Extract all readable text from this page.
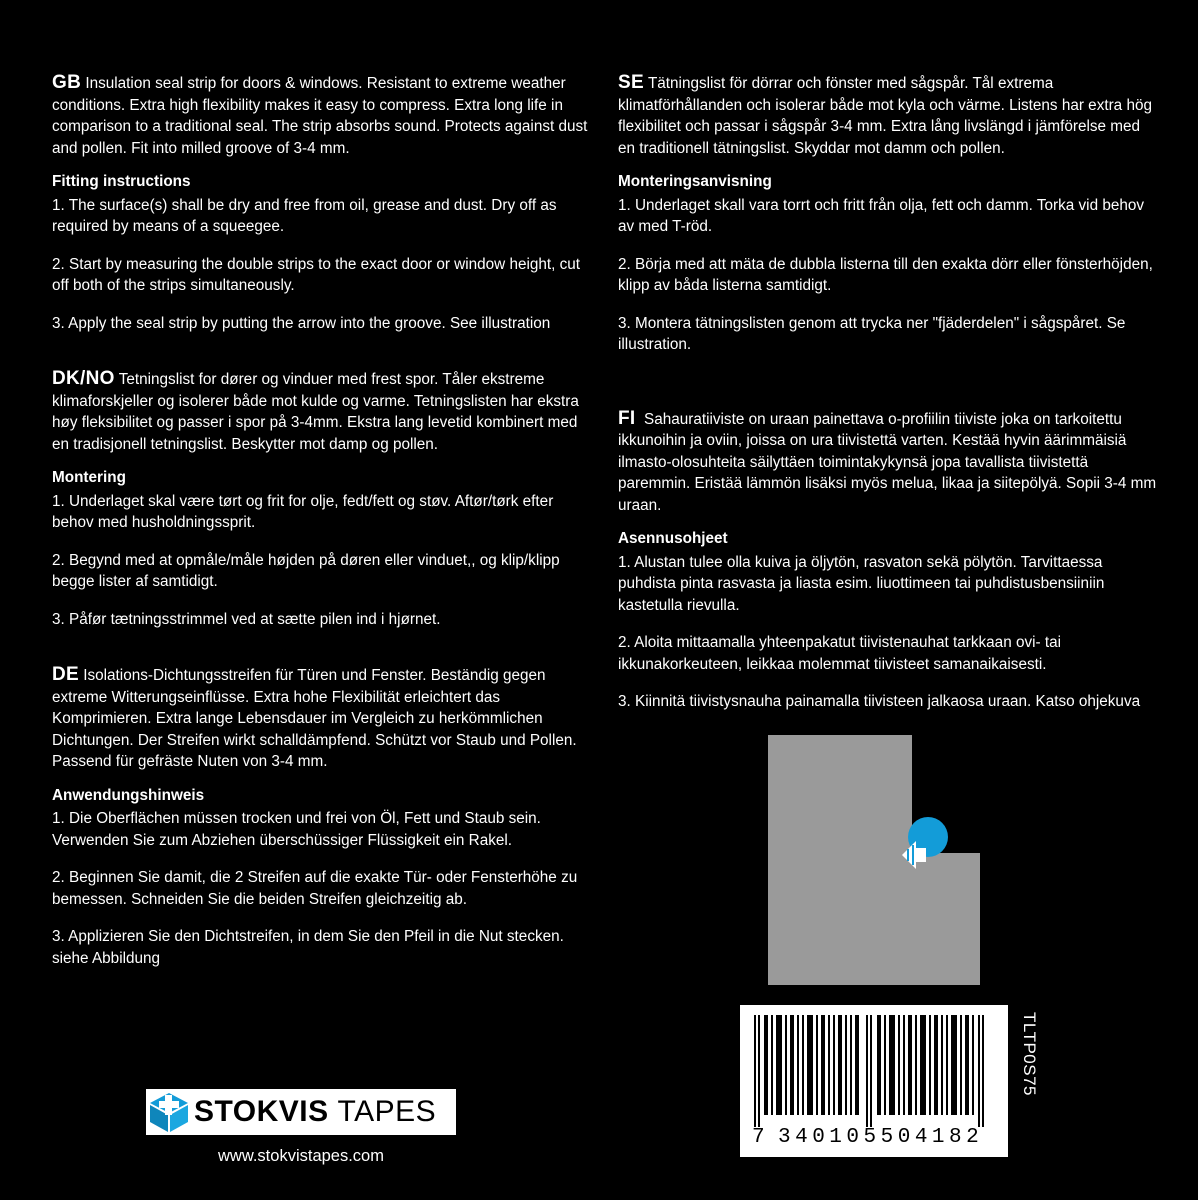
GB Insulation seal strip for doors & windows. Resistant to extreme weather conditions. Extra high flexibility makes it easy to compress. Extra long life in comparison to a traditional seal. The strip absorbs sound. Protects against dust and pollen. Fit into milled groove of 3-4 mm.

Fitting instructions

1. The surface(s) shall be dry and free from oil, grease and dust. Dry off as required by means of a squeegee.

2. Start by measuring the double strips to the exact door or window height, cut off both of the strips simultaneously.

3. Apply the seal strip by putting the arrow into the groove. See illustration

DK/NO Tetningslist for dører og vinduer med frest spor. Tåler ekstreme klimaforskjeller og isolerer både mot kulde og varme. Tetningslisten har ekstra høy fleksibilitet og passer i spor på 3-4mm. Ekstra lang levetid kombinert med en tradisjonell tetningslist. Beskytter mot damp og pollen.

Montering

1. Underlaget skal være tørt og frit for olje, fedt/fett og støv. Aftør/tørk efter behov med husholdningssprit.

2. Begynd med at opmåle/måle højden på døren eller vinduet,, og klip/klipp begge lister af samtidigt.

3. Påfør tætningsstrimmel ved at sætte pilen ind i hjørnet.

DE Isolations-Dichtungsstreifen für Türen und Fenster. Beständig gegen extreme Witterungseinflüsse. Extra hohe Flexibilität erleichtert das Komprimieren. Extra lange Lebensdauer im Vergleich zu herkömmlichen Dichtungen. Der Streifen wirkt schalldämpfend. Schützt vor Staub und Pollen. Passend für gefräste Nuten von 3-4 mm.

Anwendungshinweis

1. Die Oberflächen müssen trocken und frei von Öl, Fett und Staub sein. Verwenden Sie zum Abziehen überschüssiger Flüssigkeit ein Rakel.

2. Beginnen Sie damit, die 2 Streifen auf die exakte Tür- oder Fensterhöhe zu bemessen. Schneiden Sie die beiden Streifen gleichzeitig ab.

3. Applizieren Sie den Dichtstreifen, in dem Sie den Pfeil in die Nut stecken. siehe Abbildung

SE Tätningslist för dörrar och fönster med sågspår. Tål extrema klimatförhållanden och isolerar både mot kyla och värme. Listens har extra hög flexibilitet och passar i sågspår 3-4 mm. Extra lång livslängd i jämförelse med en traditionell tätningslist. Skyddar mot damm och pollen.

Monteringsanvisning

1. Underlaget skall vara torrt och fritt från olja, fett och damm. Torka vid behov av med T-röd.

2. Börja med att mäta de dubbla listerna till den exakta dörr eller fönsterhöjden, klipp av båda listerna samtidigt.

3. Montera tätningslisten genom att trycka ner "fjäderdelen" i sågspåret. Se illustration.

FI Sahauratiiviste on uraan painettava o-profiilin tiiviste joka on tarkoitettu ikkunoihin ja oviin, joissa on ura tiivistettä varten. Kestää hyvin äärimmäisiä ilmasto-olosuhteita säilyttäen toimintakykynsä jopa tavallista tiivistettä paremmin. Eristää lämmön lisäksi myös melua, likaa ja siitepölyä. Sopii 3-4 mm uraan.

Asennusohjeet

1. Alustan tulee olla kuiva ja öljytön, rasvaton sekä pölytön. Tarvittaessa puhdista pinta rasvasta ja liasta esim. liuottimeen tai puhdistusbensiiniin kastetulla rievulla.

2. Aloita mittaamalla yhteenpakatut tiivistenauhat tarkkaan ovi- tai ikkunakorkeuteen, leikkaa molemmat tiivisteet samanaikaisesti.

3. Kiinnitä tiivistysnauha painamalla tiivisteen jalkaosa uraan. Katso ohjekuva

7 340105504182
TLTP0S75
STOKVIS TAPES
www.stokvistapes.com
